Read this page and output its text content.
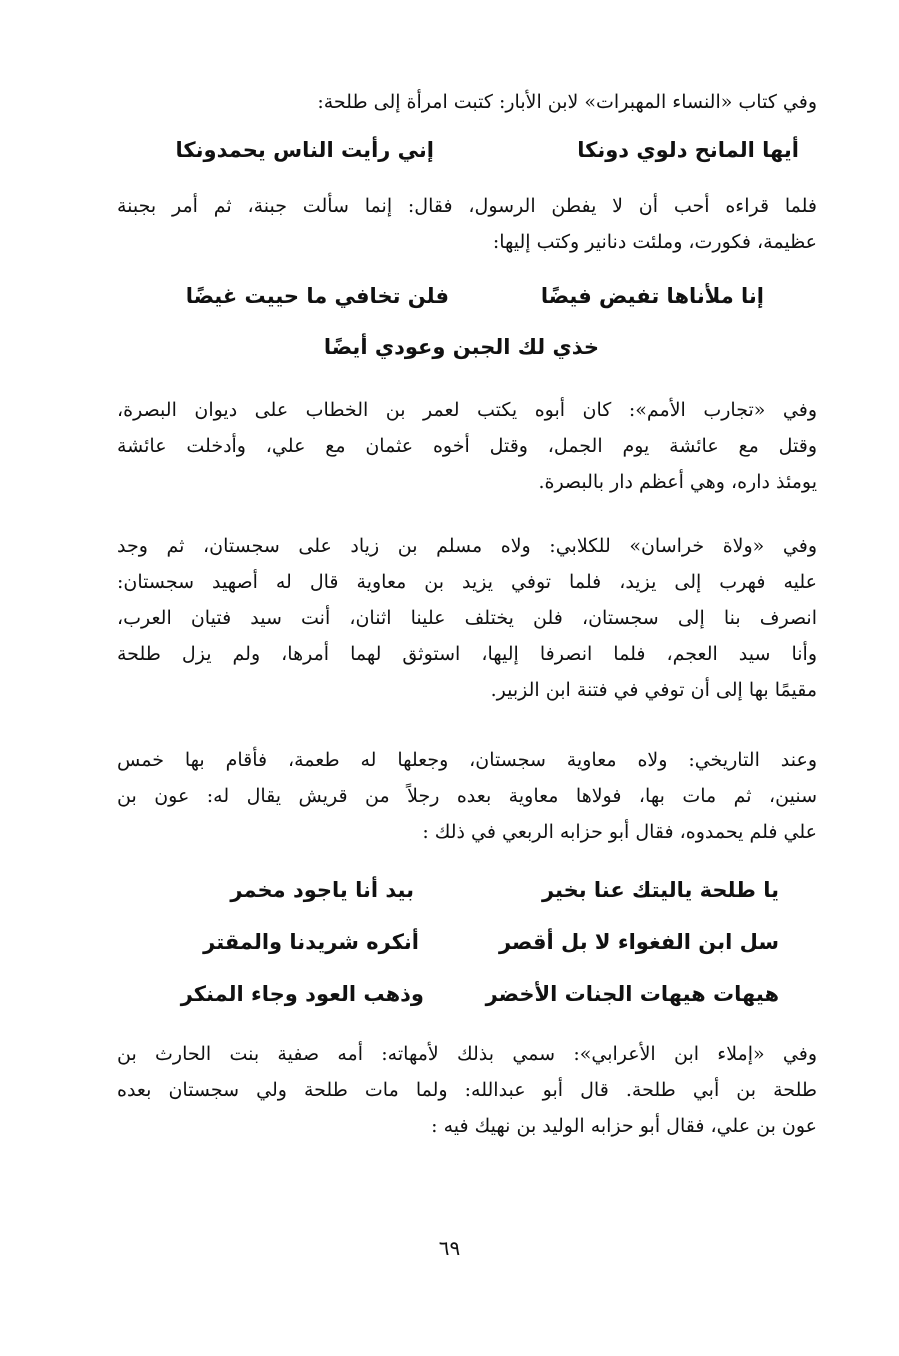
وفي كتاب «النساء المهبرات» لابن الأبار: كتبت امرأة إلى طلحة:

أيها المانح دلوي دونكا
إني رأيت الناس يحمدونكا

فلما قراءه أحب أن لا يفطن الرسول، فقال: إنما سألت جبنة، ثم أمر بجبنة
عظيمة، فكورت، وملئت دنانير وكتب إليها:

إنا ملأناها تفيض فيضًا
فلن تخافي ما حييت غيضًا
خذي لك الجبن وعودي أيضًا

وفي «تجارب الأمم»: كان أبوه يكتب لعمر بن الخطاب على ديوان البصرة،
وقتل مع عائشة يوم الجمل، وقتل أخوه عثمان مع علي، وأدخلت عائشة
يومئذ داره، وهي أعظم دار بالبصرة.

وفي «ولاة خراسان» للكلابي: ولاه مسلم بن زياد على سجستان، ثم وجد
عليه فهرب إلى يزيد، فلما توفي يزيد بن معاوية قال له أصهيد سجستان:
انصرف بنا إلى سجستان، فلن يختلف علينا اثنان، أنت سيد فتيان العرب،
وأنا سيد العجم، فلما انصرفا إليها، استوثق لهما أمرها، ولم يزل طلحة
مقيمًا بها إلى أن توفي في فتنة ابن الزبير.

وعند التاريخي: ولاه معاوية سجستان، وجعلها له طعمة، فأقام بها خمس
سنين، ثم مات بها، فولاها معاوية بعده رجلاً من قريش يقال له: عون بن
علي فلم يحمدوه، فقال أبو حزابه الربعي في ذلك :

يا طلحة ياليتك عنا بخير
بيد أنا ياجود مخمر
سل ابن الفغواء لا بل أقصر
أنكره شريدنا والمقتر
هيهات هيهات الجنات الأخضر
وذهب العود وجاء المنكر

وفي «إملاء ابن الأعرابي»: سمي بذلك لأمهاته: أمه صفية بنت الحارث بن
طلحة بن أبي طلحة. قال أبو عبدالله: ولما مات طلحة ولي سجستان بعده
عون بن علي، فقال أبو حزابه الوليد بن نهيك فيه :

٦٩
